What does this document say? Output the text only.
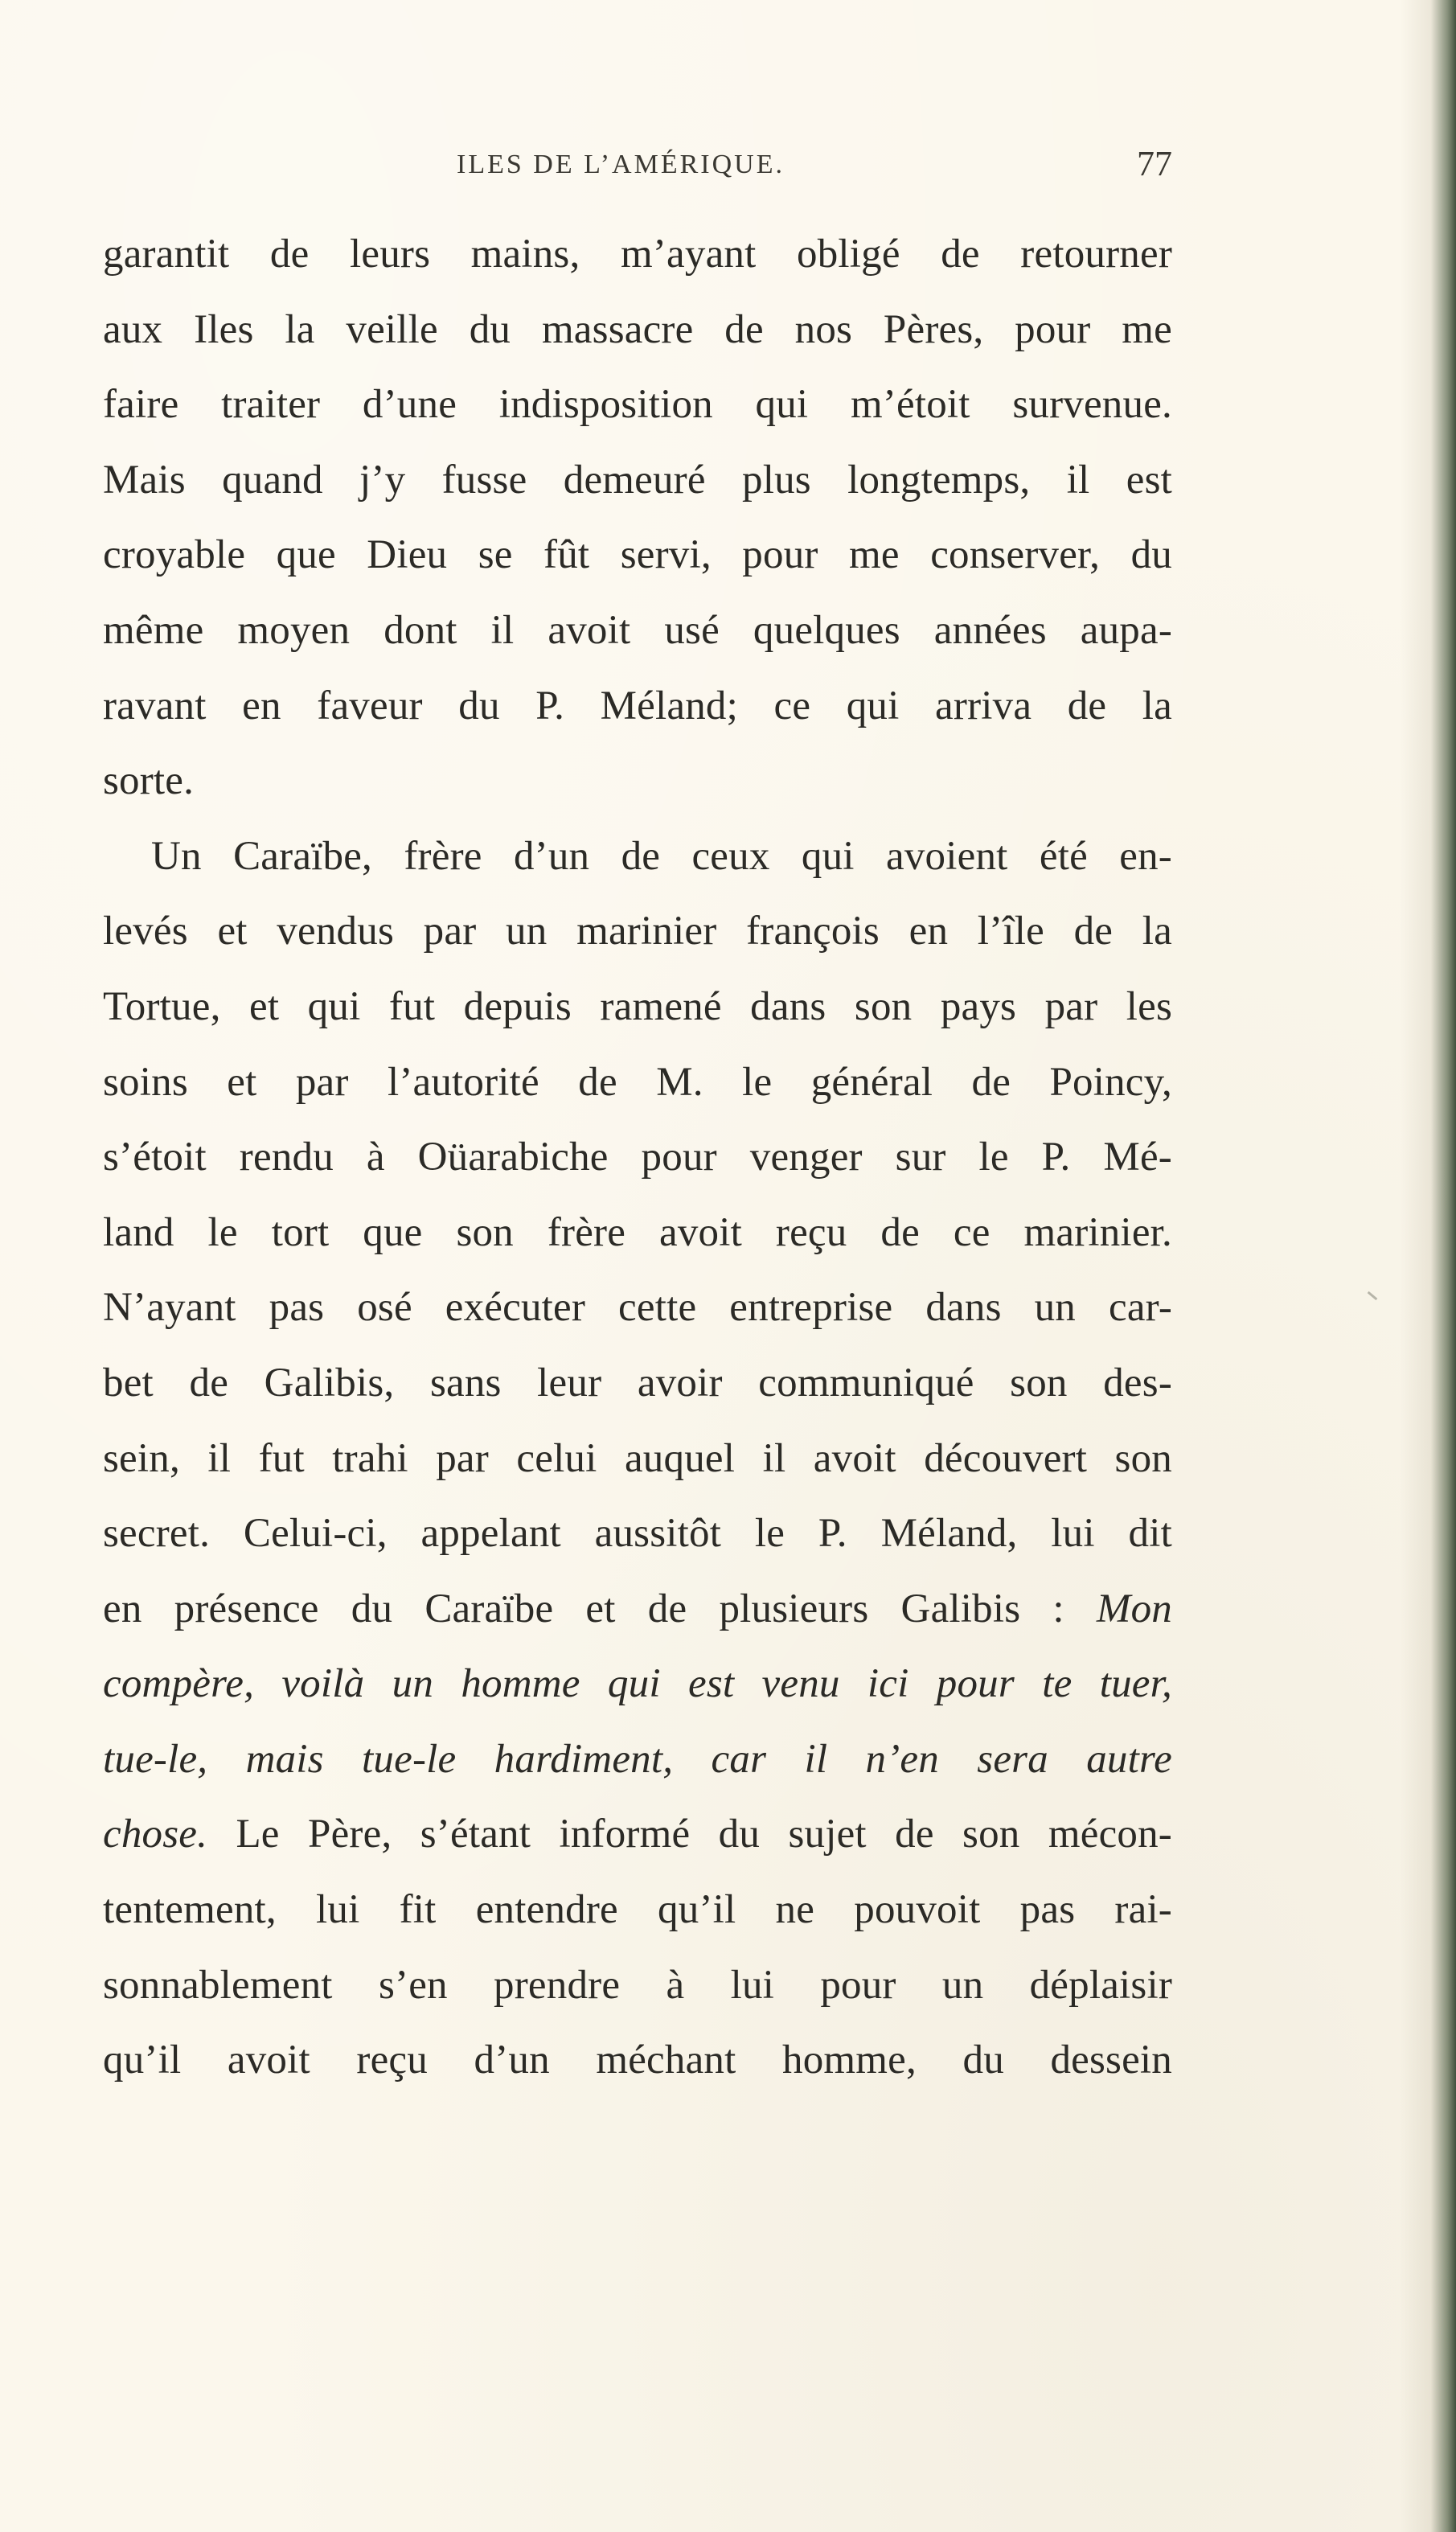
ILES DE L’AMÉRIQUE.	77
garantit de leurs mains, m’ayant obligé de retourner
aux Iles la veille du massacre de nos Pères, pour me
faire traiter d’une indisposition qui m’étoit survenue.
Mais quand j’y fusse demeuré plus longtemps, il est
croyable que Dieu se fût servi, pour me conserver, du
même moyen dont il avoit usé quelques années aupa-
ravant en faveur du P. Méland; ce qui arriva de la
sorte.
Un Caraïbe, frère d’un de ceux qui avoient été en-
levés et vendus par un marinier françois en l’île de la
Tortue, et qui fut depuis ramené dans son pays par les
soins et par l’autorité de M. le général de Poincy,
s’étoit rendu à Oüarabiche pour venger sur le P. Mé-
land le tort que son frère avoit reçu de ce marinier.
N’ayant pas osé exécuter cette entreprise dans un car-
bet de Galibis, sans leur avoir communiqué son des-
sein, il fut trahi par celui auquel il avoit découvert son
secret. Celui-ci, appelant aussitôt le P. Méland, lui dit
en présence du Caraïbe et de plusieurs Galibis : Mon
compère, voilà un homme qui est venu ici pour te tuer,
tue-le, mais tue-le hardiment, car il n’en sera autre
chose. Le Père, s’étant informé du sujet de son mécon-
tentement, lui fit entendre qu’il ne pouvoit pas rai-
sonnablement s’en prendre à lui pour un déplaisir
qu’il avoit reçu d’un méchant homme, du dessein
